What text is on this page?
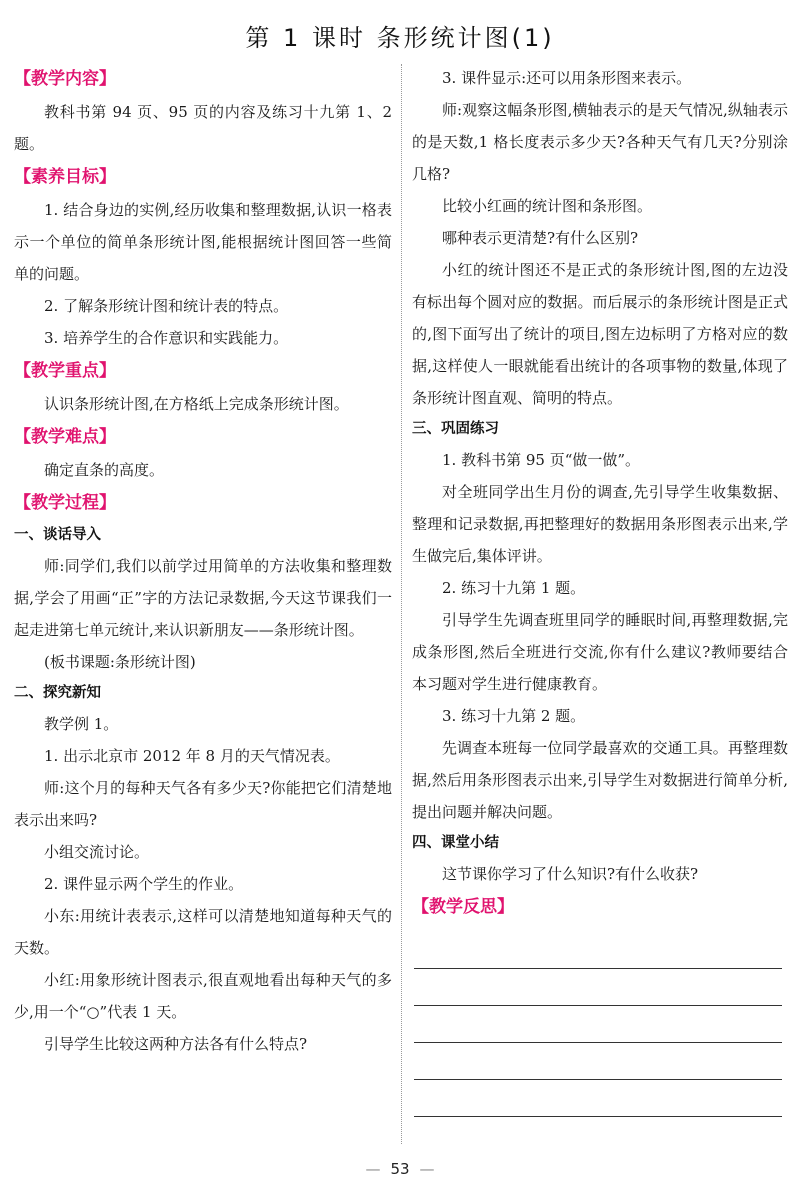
第 1 课时 条形统计图(1)
【教学内容】
教科书第 94 页、95 页的内容及练习十九第 1、2 题。
【素养目标】
1. 结合身边的实例,经历收集和整理数据,认识一格表示一个单位的简单条形统计图,能根据统计图回答一些简单的问题。
2. 了解条形统计图和统计表的特点。
3. 培养学生的合作意识和实践能力。
【教学重点】
认识条形统计图,在方格纸上完成条形统计图。
【教学难点】
确定直条的高度。
【教学过程】
一、谈话导入
师:同学们,我们以前学过用简单的方法收集和整理数据,学会了用画“正”字的方法记录数据,今天这节课我们一起走进第七单元统计,来认识新朋友——条形统计图。
(板书课题:条形统计图)
二、探究新知
教学例 1。
1. 出示北京市 2012 年 8 月的天气情况表。
师:这个月的每种天气各有多少天?你能把它们清楚地表示出来吗?
小组交流讨论。
2. 课件显示两个学生的作业。
小东:用统计表表示,这样可以清楚地知道每种天气的天数。
小红:用象形统计图表示,很直观地看出每种天气的多少,用一个“○”代表 1 天。
引导学生比较这两种方法各有什么特点?
3. 课件显示:还可以用条形图来表示。
师:观察这幅条形图,横轴表示的是天气情况,纵轴表示的是天数,1 格长度表示多少天?各种天气有几天?分别涂几格?
比较小红画的统计图和条形图。
哪种表示更清楚?有什么区别?
小红的统计图还不是正式的条形统计图,图的左边没有标出每个圆对应的数据。而后展示的条形统计图是正式的,图下面写出了统计的项目,图左边标明了方格对应的数据,这样使人一眼就能看出统计的各项事物的数量,体现了条形统计图直观、简明的特点。
三、巩固练习
1. 教科书第 95 页“做一做”。
对全班同学出生月份的调查,先引导学生收集数据、整理和记录数据,再把整理好的数据用条形图表示出来,学生做完后,集体评讲。
2. 练习十九第 1 题。
引导学生先调查班里同学的睡眠时间,再整理数据,完成条形图,然后全班进行交流,你有什么建议?教师要结合本习题对学生进行健康教育。
3. 练习十九第 2 题。
先调查本班每一位同学最喜欢的交通工具。再整理数据,然后用条形图表示出来,引导学生对数据进行简单分析,提出问题并解决问题。
四、课堂小结
这节课你学习了什么知识?有什么收获?
【教学反思】
— 53 —
